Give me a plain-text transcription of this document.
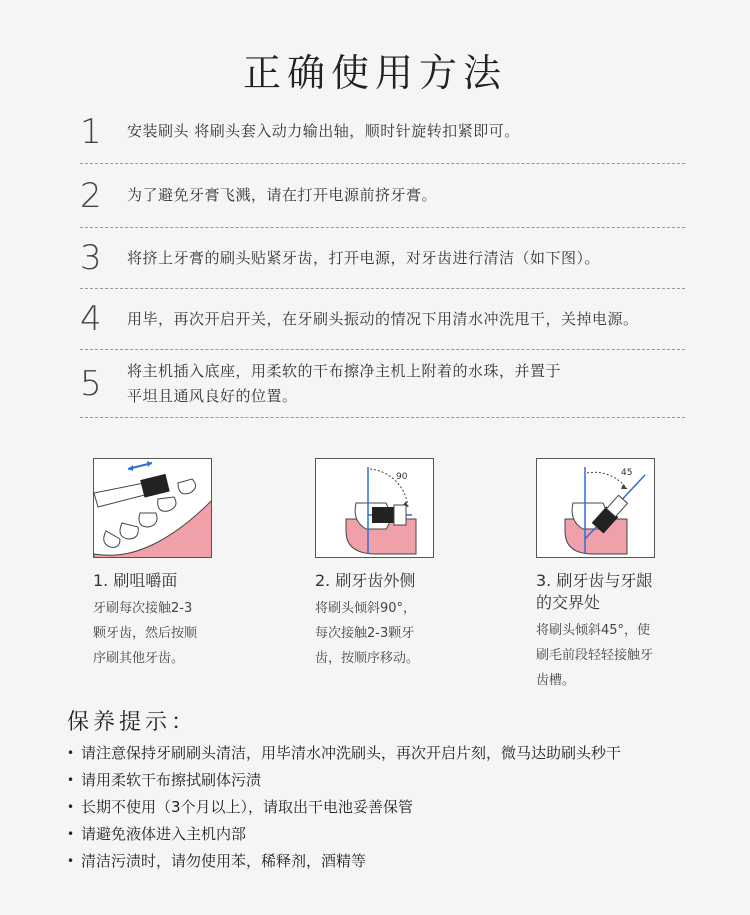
正确使用方法
1	安装刷头 将刷头套入动力输出轴，顺时针旋转扣紧即可。
2	为了避免牙膏飞溅，请在打开电源前挤牙膏。
3	将挤上牙膏的刷头贴紧牙齿，打开电源，对牙齿进行清洁（如下图）。
4	用毕，再次开启开关，在牙刷头振动的情况下用清水冲洗甩干，关掉电源。
5	将主机插入底座，用柔软的干布擦净主机上附着的水珠，并置于
平坦且通风良好的位置。
1. 刷咀嚼面
牙刷每次接触2-3
颗牙齿，然后按顺
序刷其他牙齿。
90
2. 刷牙齿外侧
将刷头倾斜90°，
每次接触2-3颗牙
齿，按顺序移动。
45
3. 刷牙齿与牙龈
的交界处
将刷头倾斜45°，使
刷毛前段轻轻接触牙
齿槽。
保养提示：
• 请注意保持牙刷刷头清洁，用毕清水冲洗刷头，再次开启片刻，微马达助刷头秒干
• 请用柔软干布擦拭刷体污渍
• 长期不使用（3个月以上），请取出干电池妥善保管
• 请避免液体进入主机内部
• 清洁污渍时，请勿使用苯，稀释剂，酒精等
